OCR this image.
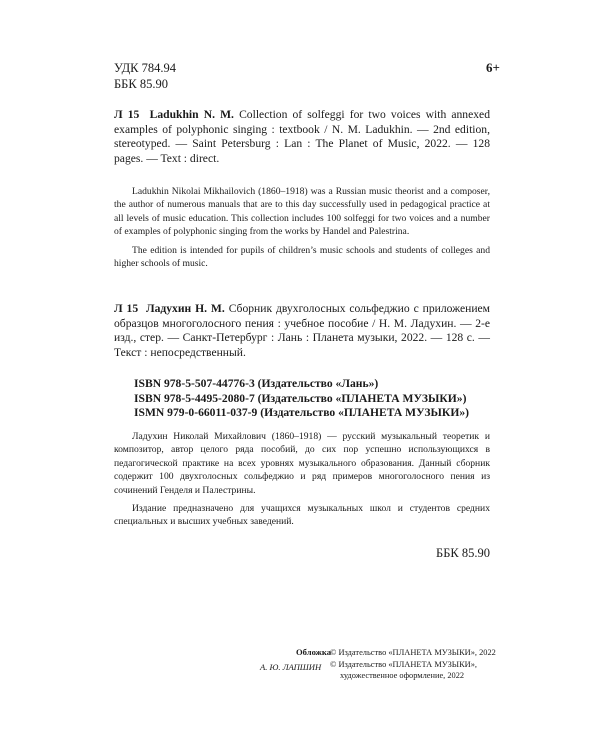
УДК 784.94
ББК 85.90
6+
Л 15 Ladukhin N. M. Collection of solfeggi for two voices with annexed examples of polyphonic singing : textbook / N. M. Ladukhin. — 2nd edition, stereotyped. — Saint Petersburg : Lan : The Planet of Music, 2022. — 128 pages. — Text : direct.

Ladukhin Nikolai Mikhailovich (1860–1918) was a Russian music theorist and a composer, the author of numerous manuals that are to this day successfully used in pedagogical practice at all levels of music education. This collection includes 100 solfeggi for two voices and a number of examples of polyphonic singing from the works by Handel and Palestrina.

The edition is intended for pupils of children’s music schools and students of colleges and higher schools of music.

Л 15 Ладухин Н. М. Сборник двухголосных сольфеджио с приложением образцов многоголосного пения : учебное пособие / Н. М. Ладухин. — 2-е изд., стер. — Санкт-Петербург : Лань : Планета музыки, 2022. — 128 с. — Текст : непосредственный.
ISBN 978-5-507-44776-3 (Издательство «Лань»)
ISBN 978-5-4495-2080-7 (Издательство «ПЛАНЕТА МУЗЫКИ»)
ISMN 979-0-66011-037-9 (Издательство «ПЛАНЕТА МУЗЫКИ»)

Ладухин Николай Михайлович (1860–1918) — русский музыкальный теоретик и композитор, автор целого ряда пособий, до сих пор успешно использующихся в педагогической практике на всех уровнях музыкального образования. Данный сборник содержит 100 двухголосных сольфеджио и ряд примеров многоголосного пения из сочинений Генделя и Палестрины.

Издание предназначено для учащихся музыкальных школ и студентов средних специальных и высших учебных заведений.

ББК 85.90
Обложка
А. Ю. ЛАПШИН
© Издательство «ПЛАНЕТА МУЗЫКИ», 2022
© Издательство «ПЛАНЕТА МУЗЫКИ»,
художественное оформление, 2022
